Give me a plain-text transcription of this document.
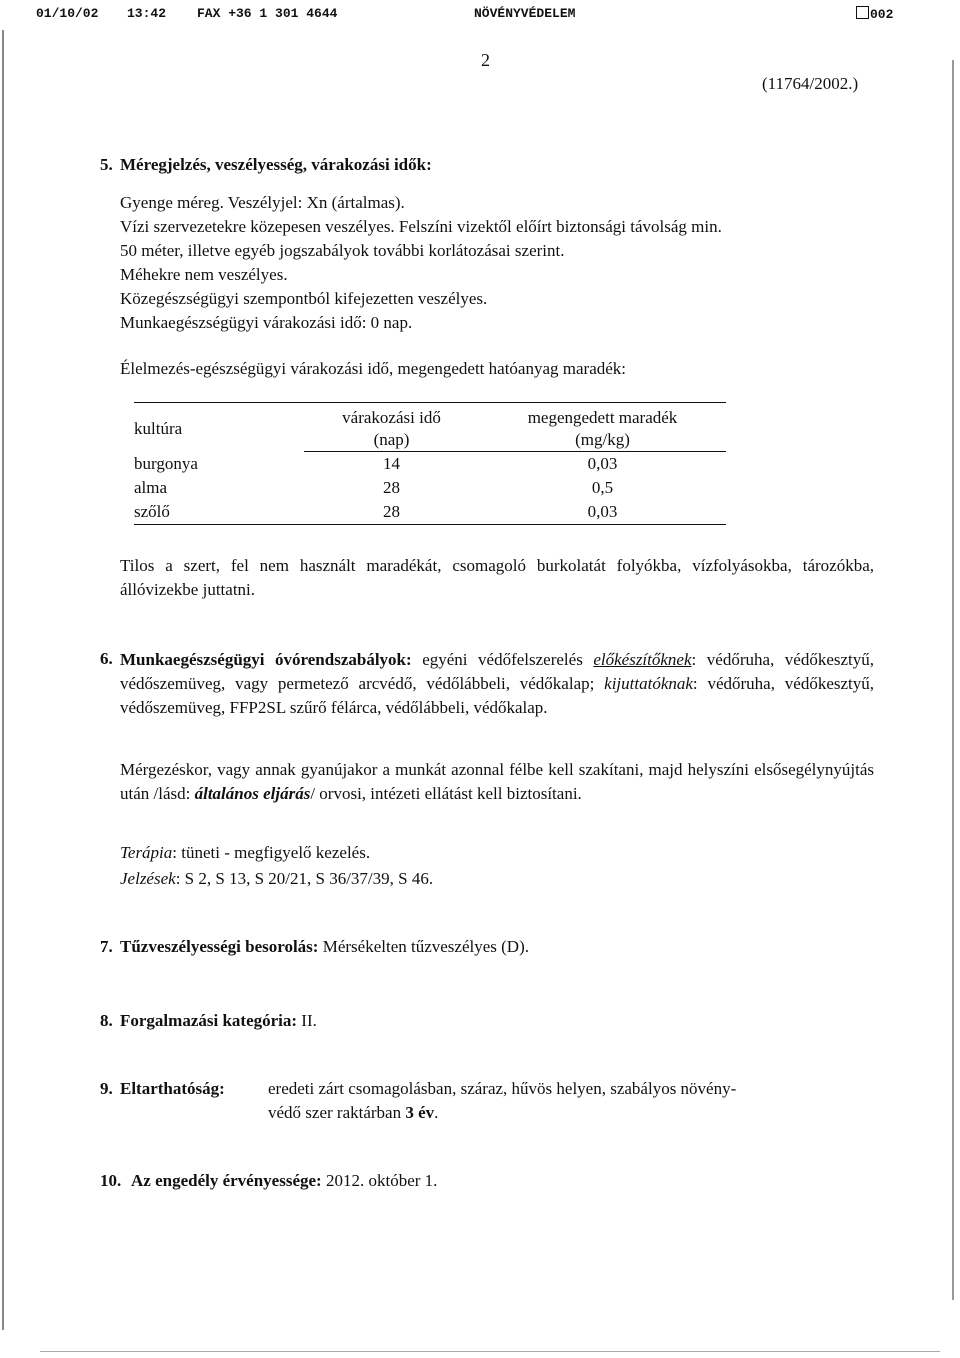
01/10/02 13:42 FAX +36 1 301 4644	NÖVÉNYVÉDELEM	002
2
(11764/2002.)
5. Méregjelzés, veszélyesség, várakozási idők:
Gyenge méreg. Veszélyjel: Xn (ártalmas).
Vízi szervezetekre közepesen veszélyes. Felszíni vizektől előírt biztonsági távolság min.
50 méter, illetve egyéb jogszabályok további korlátozásai szerint.
Méhekre nem veszélyes.
Közegészségügyi szempontból kifejezetten veszélyes.
Munkaegészségügyi várakozási idő: 0 nap.
Élelmezés-egészségügyi várakozási idő, megengedett hatóanyag maradék:
kultúra	várakozási idő	megengedett maradék
	(nap)	(mg/kg)
burgonya	14	0,03
alma	28	0,5
szőlő	28	0,03
Tilos a szert, fel nem használt maradékát, csomagoló burkolatát folyókba, vízfolyásokba, tározókba, állóvizekbe juttatni.
6. Munkaegészségügyi óvórendszabályok: egyéni védőfelszerelés előkészítőknek: védőruha, védőkesztyű, védőszemüveg, vagy permetező arcvédő, védőlábbeli, védőkalap; kijuttatóknak: védőruha, védőkesztyű, védőszemüveg, FFP2SL szűrő félárca, védőlábbeli, védőkalap.
Mérgezéskor, vagy annak gyanújakor a munkát azonnal félbe kell szakítani, majd helyszíni elsősegélynyújtás után /lásd: általános eljárás/ orvosi, intézeti ellátást kell biztosítani.
Terápia: tüneti - megfigyelő kezelés.
Jelzések: S 2, S 13, S 20/21, S 36/37/39, S 46.
7. Tűzveszélyességi besorolás: Mérsékelten tűzveszélyes (D).
8. Forgalmazási kategória: II.
9. Eltarthatóság:	eredeti zárt csomagolásban, száraz, hűvös helyen, szabályos növény-
védő szer raktárban 3 év.
10. Az engedély érvényessége: 2012. október 1.
